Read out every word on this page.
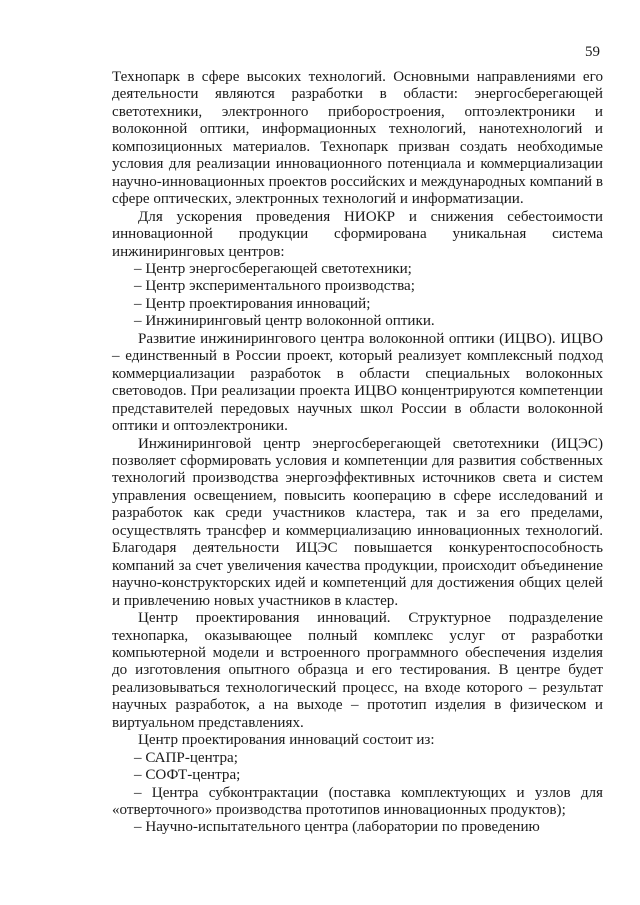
59

Технопарк в сфере высоких технологий. Основными направлениями его деятельности являются разработки в области: энергосберегающей светотехники, электронного приборостроения, оптоэлектроники и волоконной оптики, информационных технологий, нанотехнологий и композиционных материалов. Технопарк призван создать необходимые условия для реализации инновационного потенциала и коммерциализации научно-инновационных проектов российских и международных компаний в сфере оптических, электронных технологий и информатизации.

Для ускорения проведения НИОКР и снижения себестоимости инновационной продукции сформирована уникальная система инжиниринговых центров:

– Центр энергосберегающей светотехники;

– Центр экспериментального производства;

– Центр проектирования инноваций;

– Инжиниринговый центр волоконной оптики.

Развитие инжинирингового центра волоконной оптики (ИЦВО). ИЦВО – единственный в России проект, который реализует комплексный подход коммерциализации разработок в области специальных волоконных световодов. При реализации проекта ИЦВО концентрируются компетенции представителей передовых научных школ России в области волоконной оптики и оптоэлектроники.

Инжиниринговой центр энергосберегающей светотехники (ИЦЭС) позволяет сформировать условия и компетенции для развития собственных технологий производства энергоэффективных источников света и систем управления освещением, повысить кооперацию в сфере исследований и разработок как среди участников кластера, так и за его пределами, осуществлять трансфер и коммерциализацию инновационных технологий. Благодаря деятельности ИЦЭС повышается конкурентоспособность компаний за счет увеличения качества продукции, происходит объединение научно-конструкторских идей и компетенций для достижения общих целей и привлечению новых участников в кластер.

Центр проектирования инноваций. Структурное подразделение технопарка, оказывающее полный комплекс услуг от разработки компьютерной модели и встроенного программного обеспечения изделия до изготовления опытного образца и его тестирования. В центре будет реализовываться технологический процесс, на входе которого – результат научных разработок, а на выходе – прототип изделия в физическом и виртуальном представлениях.

Центр проектирования инноваций состоит из:

– САПР-центра;

– СОФТ-центра;

– Центра субконтрактации (поставка комплектующих и узлов для «отверточного» производства прототипов инновационных продуктов);

– Научно-испытательного центра (лаборатории по проведению
